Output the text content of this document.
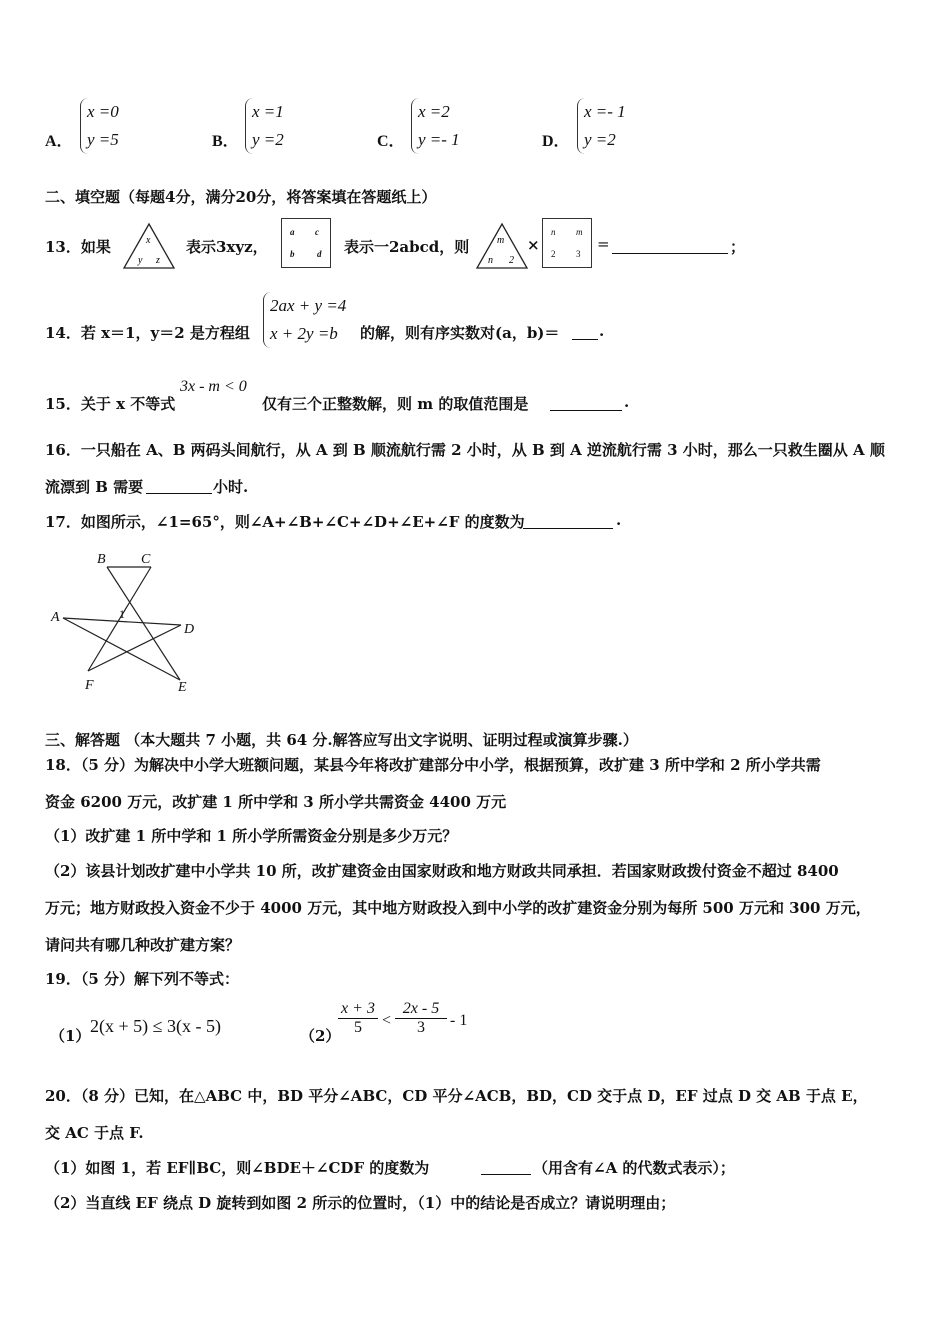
A．
x =0
y =5	B．
x =1
y =2	C．
x =2
y =- 1	D．
x =- 1
y =2
二、填空题（每题4分，满分20分，将答案填在答题纸上）
13．如果	x
y z
表示3xyz，
a c
b	d 表示一2abcd，则	m
n 2
×
n m
2 3
=	；
14．若 x＝1，y＝2 是方程组
2ax + y =4
x + 2y =b	的解，则有序实数对(a，b)＝	.
15．关于 x 不等式
3x - m < 0
仅有三个正整数解，则 m 的取值范围是	.
16．一只船在 A、B 两码头间航行，从 A 到 B 顺流航行需 2 小时，从 B 到 A 逆流航行需 3 小时，那么一只救生圈从 A 顺
流漂到 B 需要	小时.
17．如图所示，∠1=65°，则∠A+∠B+∠C+∠D+∠E+∠F 的度数为	.
B	C
A	1
D
F	E
三、解答题 （本大题共 7 小题，共 64 分.解答应写出文字说明、证明过程或演算步骤.）
18．（5 分）为解决中小学大班额问题，某县今年将改扩建部分中小学，根据预算，改扩建 3 所中学和 2 所小学共需
资金 6200 万元，改扩建 1 所中学和 3 所小学共需资金 4400 万元
（1）改扩建 1 所中学和 1 所小学所需资金分别是多少万元？
（2）该县计划改扩建中小学共 10 所，改扩建资金由国家财政和地方财政共同承担．若国家财政拨付资金不超过 8400
万元；地方财政投入资金不少于 4000 万元，其中地方财政投入到中小学的改扩建资金分别为每所 500 万元和 300 万元，
请问共有哪几种改扩建方案？
19．（5 分）解下列不等式：
（1） 2(x + 5) ≤ 3(x - 5)	（2）
$\frac{x + 3}{5} < \frac{2x - 5}{3} - 1$
20．（8 分）已知，在△ABC 中，BD 平分∠ABC，CD 平分∠ACB，BD，CD 交于点 D，EF 过点 D 交 AB 于点 E，
交 AC 于点 F.
（1）如图 1，若 EF∥BC，则∠BDE＋∠CDF 的度数为	（用含有∠A 的代数式表示）；
（2）当直线 EF 绕点 D 旋转到如图 2 所示的位置时，（1）中的结论是否成立？请说明理由；
